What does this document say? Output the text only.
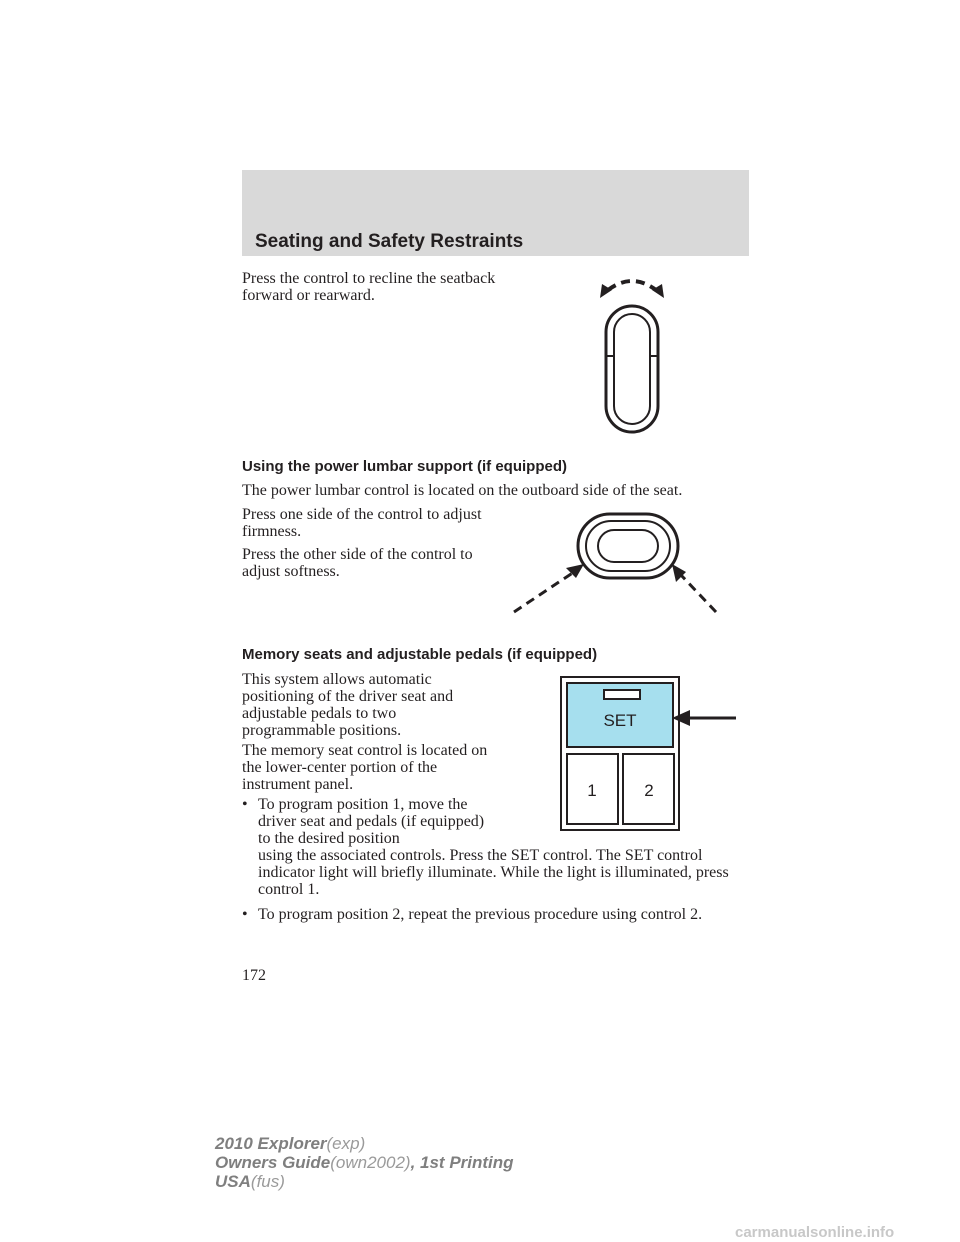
Seating and Safety Restraints

Press the control to recline the seatback forward or rearward.

Using the power lumbar support (if equipped)

The power lumbar control is located on the outboard side of the seat.

Press one side of the control to adjust firmness.

Press the other side of the control to adjust softness.

Memory seats and adjustable pedals (if equipped)

This system allows automatic positioning of the driver seat and adjustable pedals to two programmable positions.

The memory seat control is located on the lower-center portion of the instrument panel.

• To program position 1, move the driver seat and pedals (if equipped) to the desired position

using the associated controls. Press the SET control. The SET control indicator light will briefly illuminate. While the light is illuminated, press control 1.

• To program position 2, repeat the previous procedure using control 2.

SET
1	2
172
2010 Explorer(exp)
Owners Guide(own2002), 1st Printing
USA(fus)
carmanualsonline.info
